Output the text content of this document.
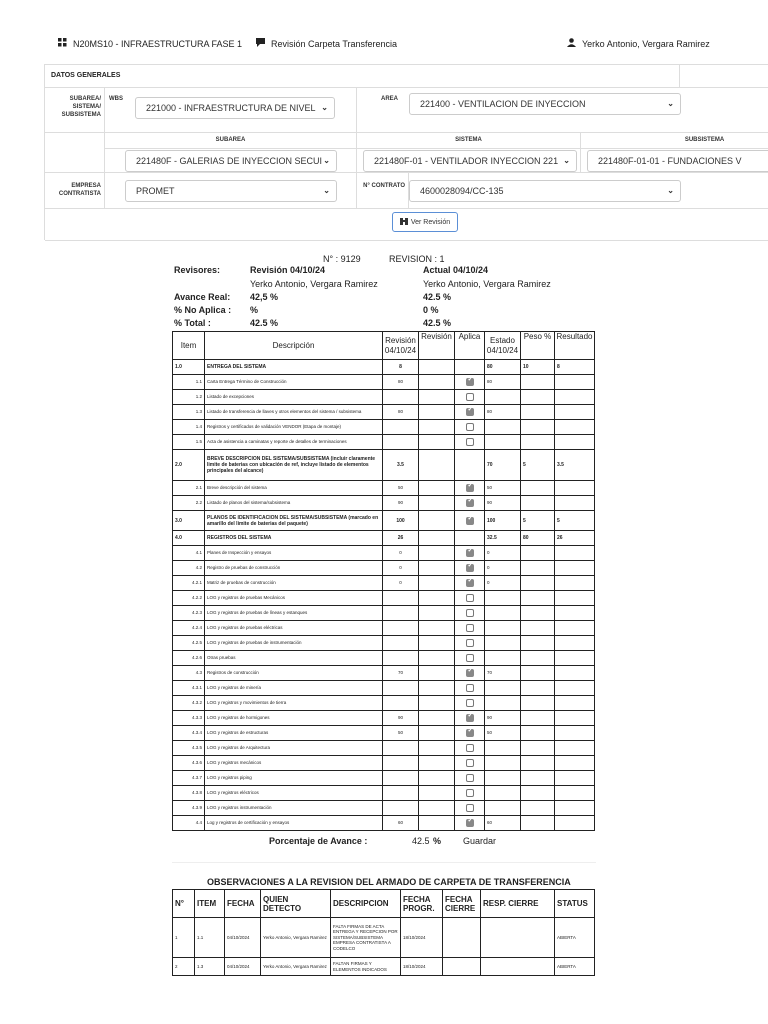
N20MS10 - INFRAESTRUCTURA FASE 1	Revisión Carpeta Transferencia	Yerko Antonio, Vergara Ramirez
DATOS GENERALES
SUBAREA/ SISTEMA/ SUBSISTEMA
WBS
221000 - INFRAESTRUCTURA DE NIVEL ⌄
AREA	221400 - VENTILACION DE INYECCION	⌄
SUBAREA	SISTEMA	SUBSISTEMA
221480F - GALERIAS DE INYECCION SECUI ⌄	221480F-01 - VENTILADOR INYECCION 221 ⌄	221480F-01-01 - FUNDACIONES V
EMPRESA CONTRATISTA	PROMET	⌄	N° CONTRATO	4600028094/CC-135	⌄
Ver Revisión
N° : 9129	REVISION : 1
Revisores:	Revisión 04/10/24	Actual 04/10/24
Yerko Antonio, Vergara Ramirez	Yerko Antonio, Vergara Ramirez
Avance Real: 42,5 %	42.5 %
% No Aplica : %	0 %
% Total :	42.5 %	42.5 %
Item	Descripción	Revisión 04/10/24	Revisión	Aplica	Estado 04/10/24	Peso %	Resultado
1.0	ENTREGA DEL SISTEMA	8			80	10	8
1.1	Carta Entrega Término de Construcción	80		✓	80		
1.2	Listado de excepciones						
1.3	Listado de transferencia de llaves y otros elementos del sistema / subsistema	80		✓	80		
1.4	Registros y certificados de validación VENDOR (Etapa de montaje)						
1.5	Acta de asistencia a caminatas y reporte de detalles de terminaciones						
2.0	BREVE DESCRIPCION DEL SISTEMA/SUBSISTEMA (incluir claramente limite de baterias con ubicación de ref, incluye listado de elementos principales del alcance)	3.5			70	5	3.5
2.1	Breve descripción del sistema	50		✓	50		
2.2	Listado de planos del sistema/subsistema	90		✓	90		
3.0	PLANOS DE IDENTIFICACION DEL SISTEMA/SUBSISTEMA (marcado en amarillo del limite de baterias del paquete)	100		✓	100	5	5
4.0	REGISTROS DEL SISTEMA	26			32.5	80	26
4.1	Planes de Inspección y ensayos	0		✓	0		
4.2	Registro de pruebas de construcción	0		✓	0		
4.2.1	Matriz de pruebas de construcción	0		✓	0		
4.2.2	LOG y registros de pruebas Mecánicos						
4.2.3	LOG y registros de pruebas de líneas y estanques						
4.2.4	LOG y registros de pruebas eléctricas						
4.2.5	LOG y registros de pruebas de instrumentación						
4.2.6	Otras pruebas						
4.3	Registros de construcción	70		✓	70		
4.3.1	LOG y registros de minería						
4.3.2	LOG y registros y movimientos de tierra						
4.3.3	LOG y registros de hormigones	90		✓	90		
4.3.4	LOG y registros de estructuras	50		✓	50		
4.3.5	LOG y registros de Arquitectura						
4.3.6	LOG y registros mecánicos						
4.3.7	LOG y registros piping						
4.3.8	LOG y registros eléctricos						
4.3.9	LOG y registros instrumentación						
4.4	Log y registros de certificación y ensayos	60		✓	60		
Porcentaje de Avance :	42.5 % Guardar
OBSERVACIONES A LA REVISION DEL ARMADO DE CARPETA DE TRANSFERENCIA
N°	ITEM	FECHA	QUIEN DETECTO	DESCRIPCION	FECHA PROGR.	FECHA CIERRE	RESP. CIERRE	STATUS
1	1.1	04/10/2024	Yerko Antonio, Vergara Ramirez	FALTA FIRMAS DE ACTA ENTREGA Y RECEPCION POR SISTEMA/SUBSISTEMA EMPRESA CONTRATISTA A CODELCO	18/10/2024			ABIERTA
2	1.3	04/10/2024	Yerko Antonio, Vergara Ramirez	FALTAN FIRMAS Y ELEMENTOS INDICADOS	18/10/2024			ABIERTA
